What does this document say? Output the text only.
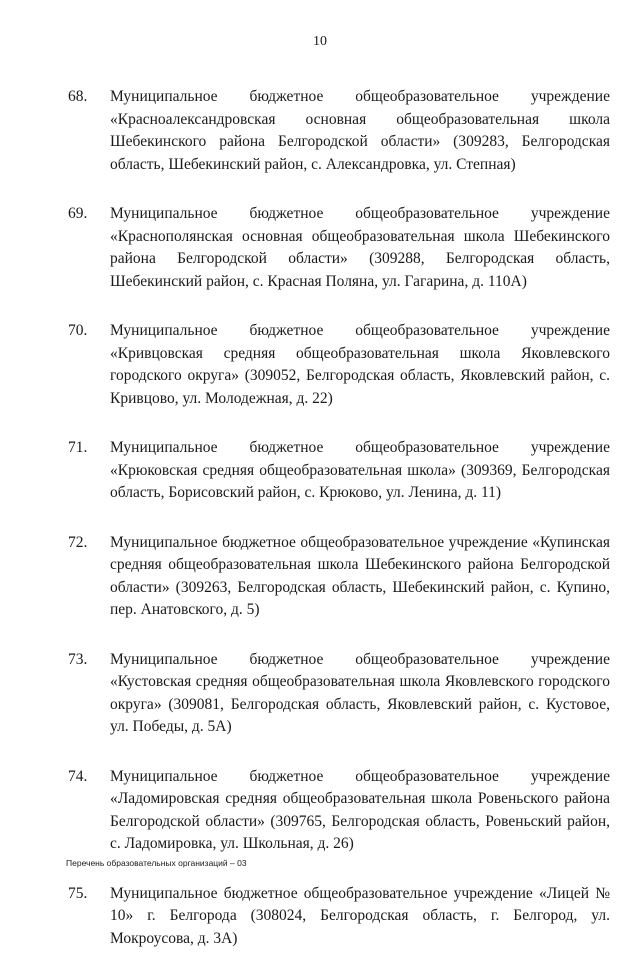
10
68.	Муниципальное бюджетное общеобразовательное учреждение «Красноалександровская основная общеобразовательная школа Шебекинского района Белгородской области» (309283, Белгородская область, Шебекинский район, с. Александровка, ул. Степная)
69.	Муниципальное бюджетное общеобразовательное учреждение «Краснополянская основная общеобразовательная школа Шебекинского района Белгородской области» (309288, Белгородская область, Шебекинский район, с. Красная Поляна, ул. Гагарина, д. 110А)
70.	Муниципальное бюджетное общеобразовательное учреждение «Кривцовская средняя общеобразовательная школа Яковлевского городского округа» (309052, Белгородская область, Яковлевский район, с. Кривцово, ул. Молодежная, д. 22)
71.	Муниципальное бюджетное общеобразовательное учреждение «Крюковская средняя общеобразовательная школа» (309369, Белгородская область, Борисовский район, с. Крюково, ул. Ленина, д. 11)
72.	Муниципальное бюджетное общеобразовательное учреждение «Купинская средняя общеобразовательная школа Шебекинского района Белгородской области» (309263, Белгородская область, Шебекинский район, с. Купино, пер. Анатовского, д. 5)
73.	Муниципальное бюджетное общеобразовательное учреждение «Кустовская средняя общеобразовательная школа Яковлевского городского округа» (309081, Белгородская область, Яковлевский район, с. Кустовое, ул. Победы, д. 5А)
74.	Муниципальное бюджетное общеобразовательное учреждение «Ладомировская средняя общеобразовательная школа Ровеньского района Белгородской области» (309765, Белгородская область, Ровеньский район, с. Ладомировка, ул. Школьная, д. 26)
75.	Муниципальное бюджетное общеобразовательное учреждение «Лицей № 10» г. Белгорода (308024, Белгородская область, г. Белгород, ул. Мокроусова, д. 3А)
Перечень образовательных организаций – 03
